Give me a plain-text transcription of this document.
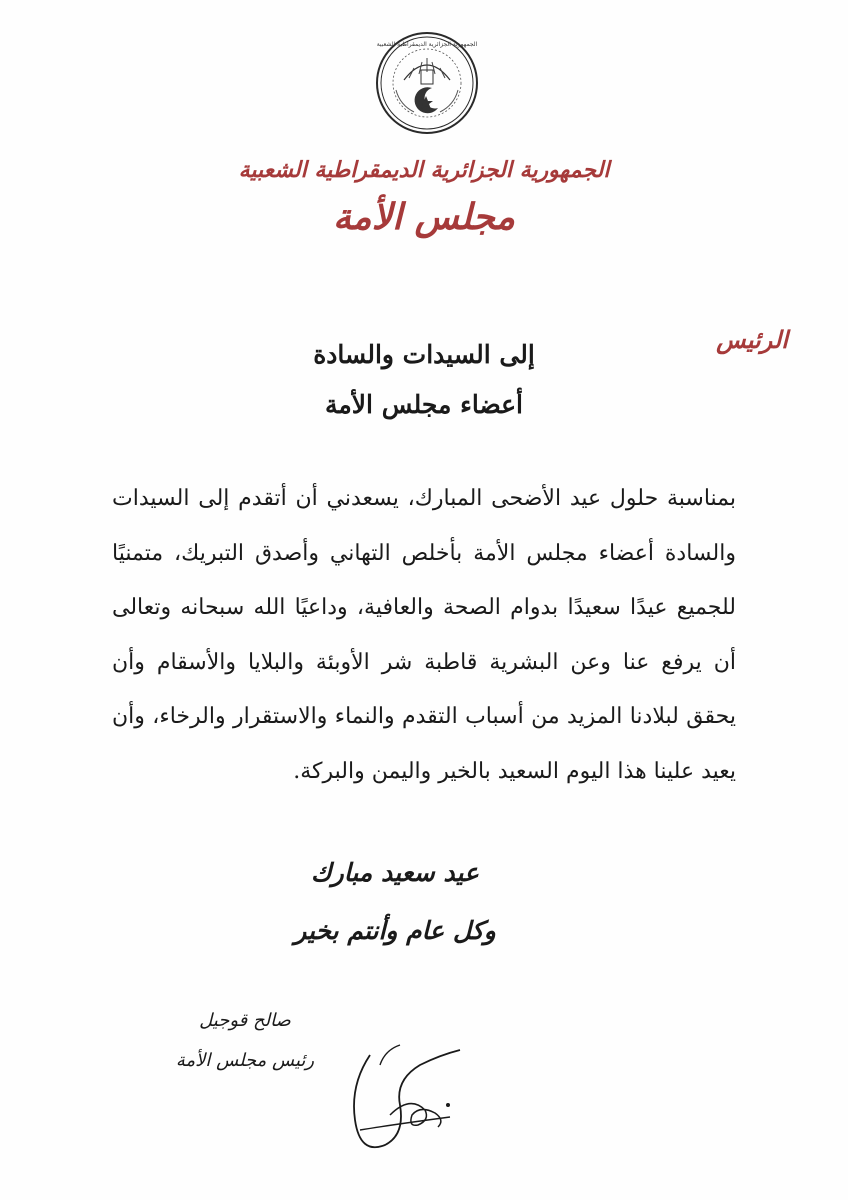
الجمهورية الجزائرية الديمقراطية الشعبية
الجمهورية الجزائرية الديمقراطية الشعبية
مجلس الأمة
الرئيس
إلى السيدات والسادة
أعضاء مجلس الأمة
بمناسبة حلول عيد الأضحى المبارك، يسعدني أن أتقدم إلى السيدات والسادة أعضاء مجلس الأمة بأخلص التهاني وأصدق التبريك، متمنيًا للجميع عيدًا سعيدًا بدوام الصحة والعافية، وداعيًا الله سبحانه وتعالى أن يرفع عنا وعن البشرية قاطبة شر الأوبئة والبلايا والأسقام وأن يحقق لبلادنا المزيد من أسباب التقدم والنماء والاستقرار والرخاء، وأن يعيد علينا هذا اليوم السعيد بالخير واليمن والبركة.
عيد سعيد مبارك
وكل عام وأنتم بخير
صالح قوجيل
رئيس مجلس الأمة
